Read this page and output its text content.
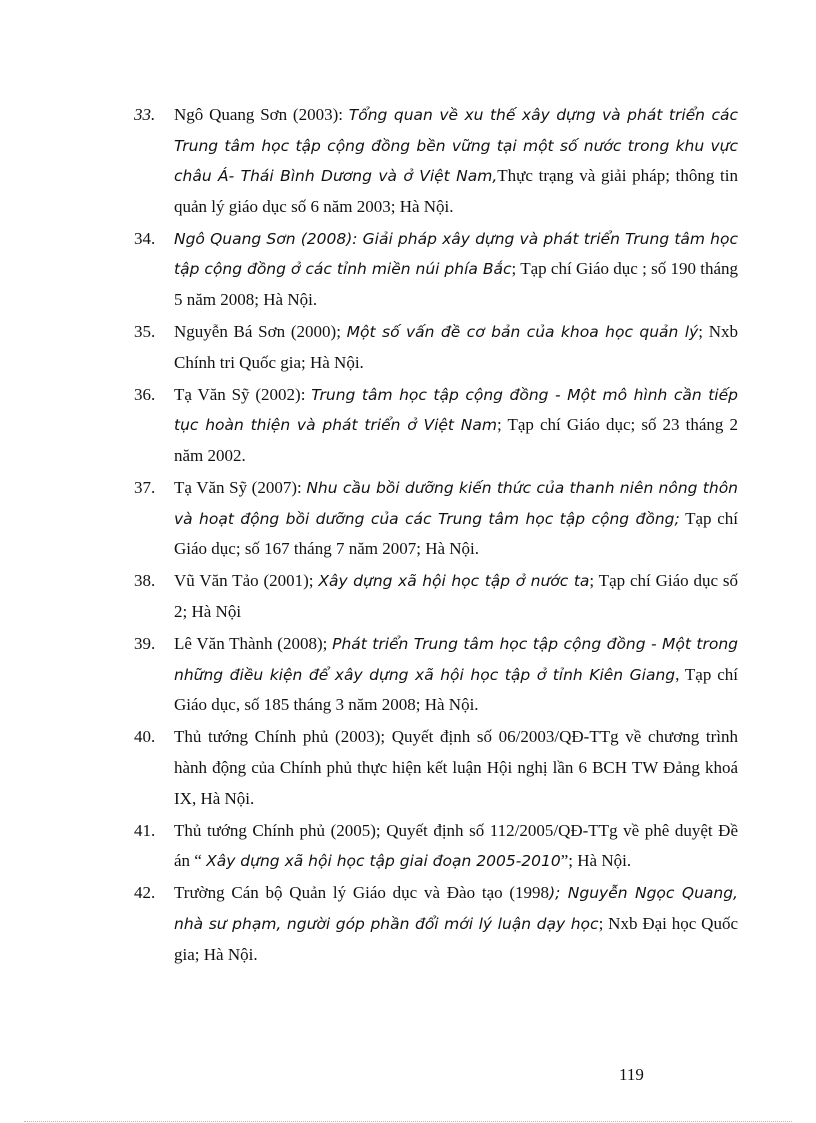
33.	Ngô Quang Sơn (2003): Tổng quan về xu thế xây dựng và phát triển các Trung tâm học tập cộng đồng bền vững tại một số nước trong khu vực châu Á- Thái Bình Dương và ở Việt Nam,Thực trạng và giải pháp; thông tin quản lý giáo dục số 6 năm 2003; Hà Nội.
34.	Ngô Quang Sơn (2008): Giải pháp xây dựng và phát triển Trung tâm học tập cộng đồng ở các tỉnh miền núi phía Bắc; Tạp chí Giáo dục ; số 190 tháng 5 năm 2008; Hà Nội.
35.	Nguyễn Bá Sơn (2000); Một số vấn đề cơ bản của khoa học quản lý; Nxb Chính tri Quốc gia; Hà Nội.
36.	Tạ Văn Sỹ (2002): Trung tâm học tập cộng đồng - Một mô hình cần tiếp tục hoàn thiện và phát triển ở Việt Nam; Tạp chí Giáo dục; số 23 tháng 2 năm 2002.
37.	Tạ Văn Sỹ (2007): Nhu cầu bồi dưỡng kiến thức của thanh niên nông thôn và hoạt động bồi dưỡng của các Trung tâm học tập cộng đồng; Tạp chí Giáo dục; số 167 tháng 7 năm 2007; Hà Nội.
38.	Vũ Văn Tảo (2001); Xây dựng xã hội học tập ở nước ta; Tạp chí Giáo dục số 2; Hà Nội
39.	Lê Văn Thành (2008); Phát triển Trung tâm học tập cộng đồng - Một trong những điều kiện để xây dựng xã hội học tập ở tỉnh Kiên Giang, Tạp chí Giáo dục, số 185 tháng 3 năm 2008; Hà Nội.
40.	Thủ tướng Chính phủ (2003); Quyết định số 06/2003/QĐ-TTg về chương trình hành động của Chính phủ thực hiện kết luận Hội nghị lần 6 BCH TW Đảng khoá IX, Hà Nội.
41.	Thủ tướng Chính phủ (2005); Quyết định số 112/2005/QĐ-TTg về phê duyệt Đề án “ Xây dựng xã hội học tập giai đoạn 2005-2010”; Hà Nội.
42.	Trường Cán bộ Quản lý Giáo dục và Đào tạo (1998); Nguyễn Ngọc Quang, nhà sư phạm, người góp phần đổi mới lý luận dạy học; Nxb Đại học Quốc gia; Hà Nội.
119
